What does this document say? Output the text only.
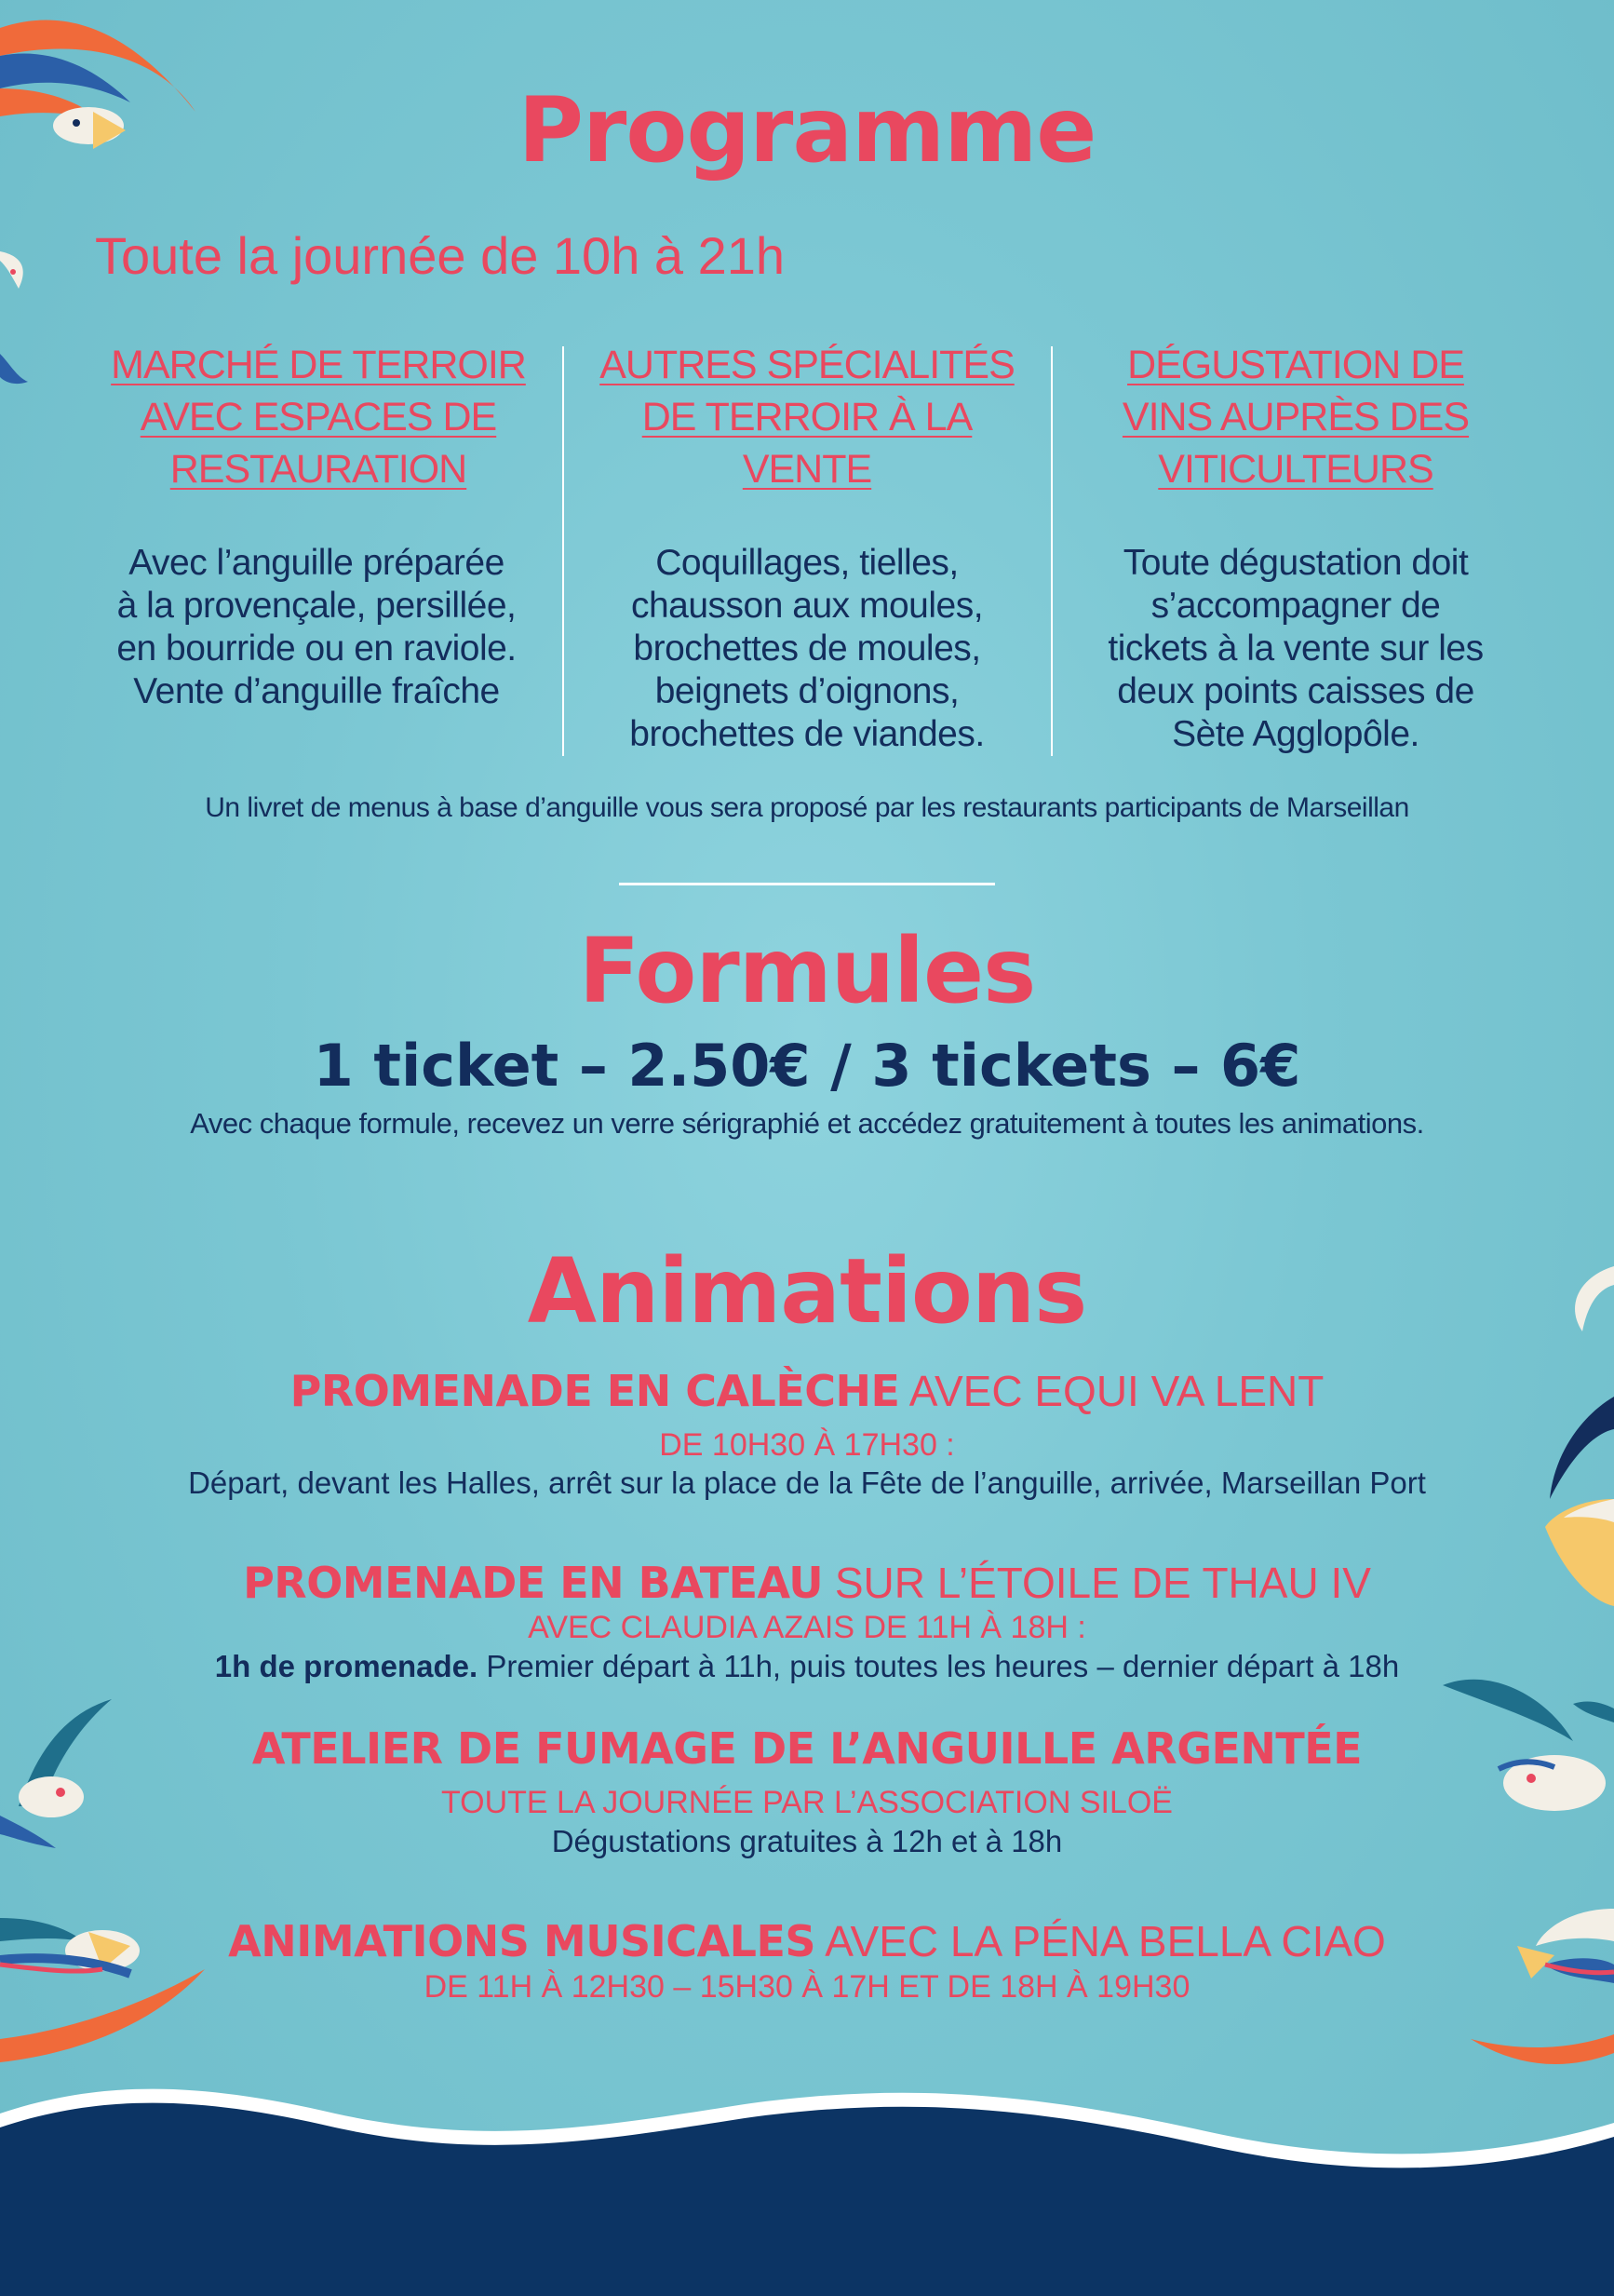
Programme
Toute la journée de 10h à 21h
MARCHÉ DE TERROIR
AVEC ESPACES DE
RESTAURATION
Avec l’anguille préparée
à la provençale, persillée,
en bourride ou en raviole.
Vente d’anguille fraîche
AUTRES SPÉCIALITÉS
DE TERROIR À LA
VENTE
Coquillages, tielles,
chausson aux moules,
brochettes de moules,
beignets d’oignons,
brochettes de viandes.
DÉGUSTATION DE
VINS AUPRÈS DES
VITICULTEURS
Toute dégustation doit
s’accompagner de
tickets à la vente sur les
deux points caisses de
Sète Agglopôle.
Un livret de menus à base d’anguille vous sera proposé par les restaurants participants de Marseillan
Formules
1 ticket – 2.50€ / 3 tickets – 6€
Avec chaque formule, recevez un verre sérigraphié et accédez gratuitement à toutes les animations.
Animations
PROMENADE EN CALÈCHE AVEC EQUI VA LENT
DE 10H30 À 17H30 :
Départ, devant les Halles, arrêt sur la place de la Fête de l’anguille, arrivée, Marseillan Port
PROMENADE EN BATEAU SUR L’ÉTOILE DE THAU IV
AVEC CLAUDIA AZAIS DE 11H À 18H :
1h de promenade. Premier départ à 11h, puis toutes les heures – dernier départ à 18h
ATELIER DE FUMAGE DE L’ANGUILLE ARGENTÉE
TOUTE LA JOURNÉE PAR L’ASSOCIATION SILOË
Dégustations gratuites à 12h et à 18h
ANIMATIONS MUSICALES AVEC LA PÉNA BELLA CIAO
DE 11H À 12H30 – 15H30 À 17H ET DE 18H À 19H30
